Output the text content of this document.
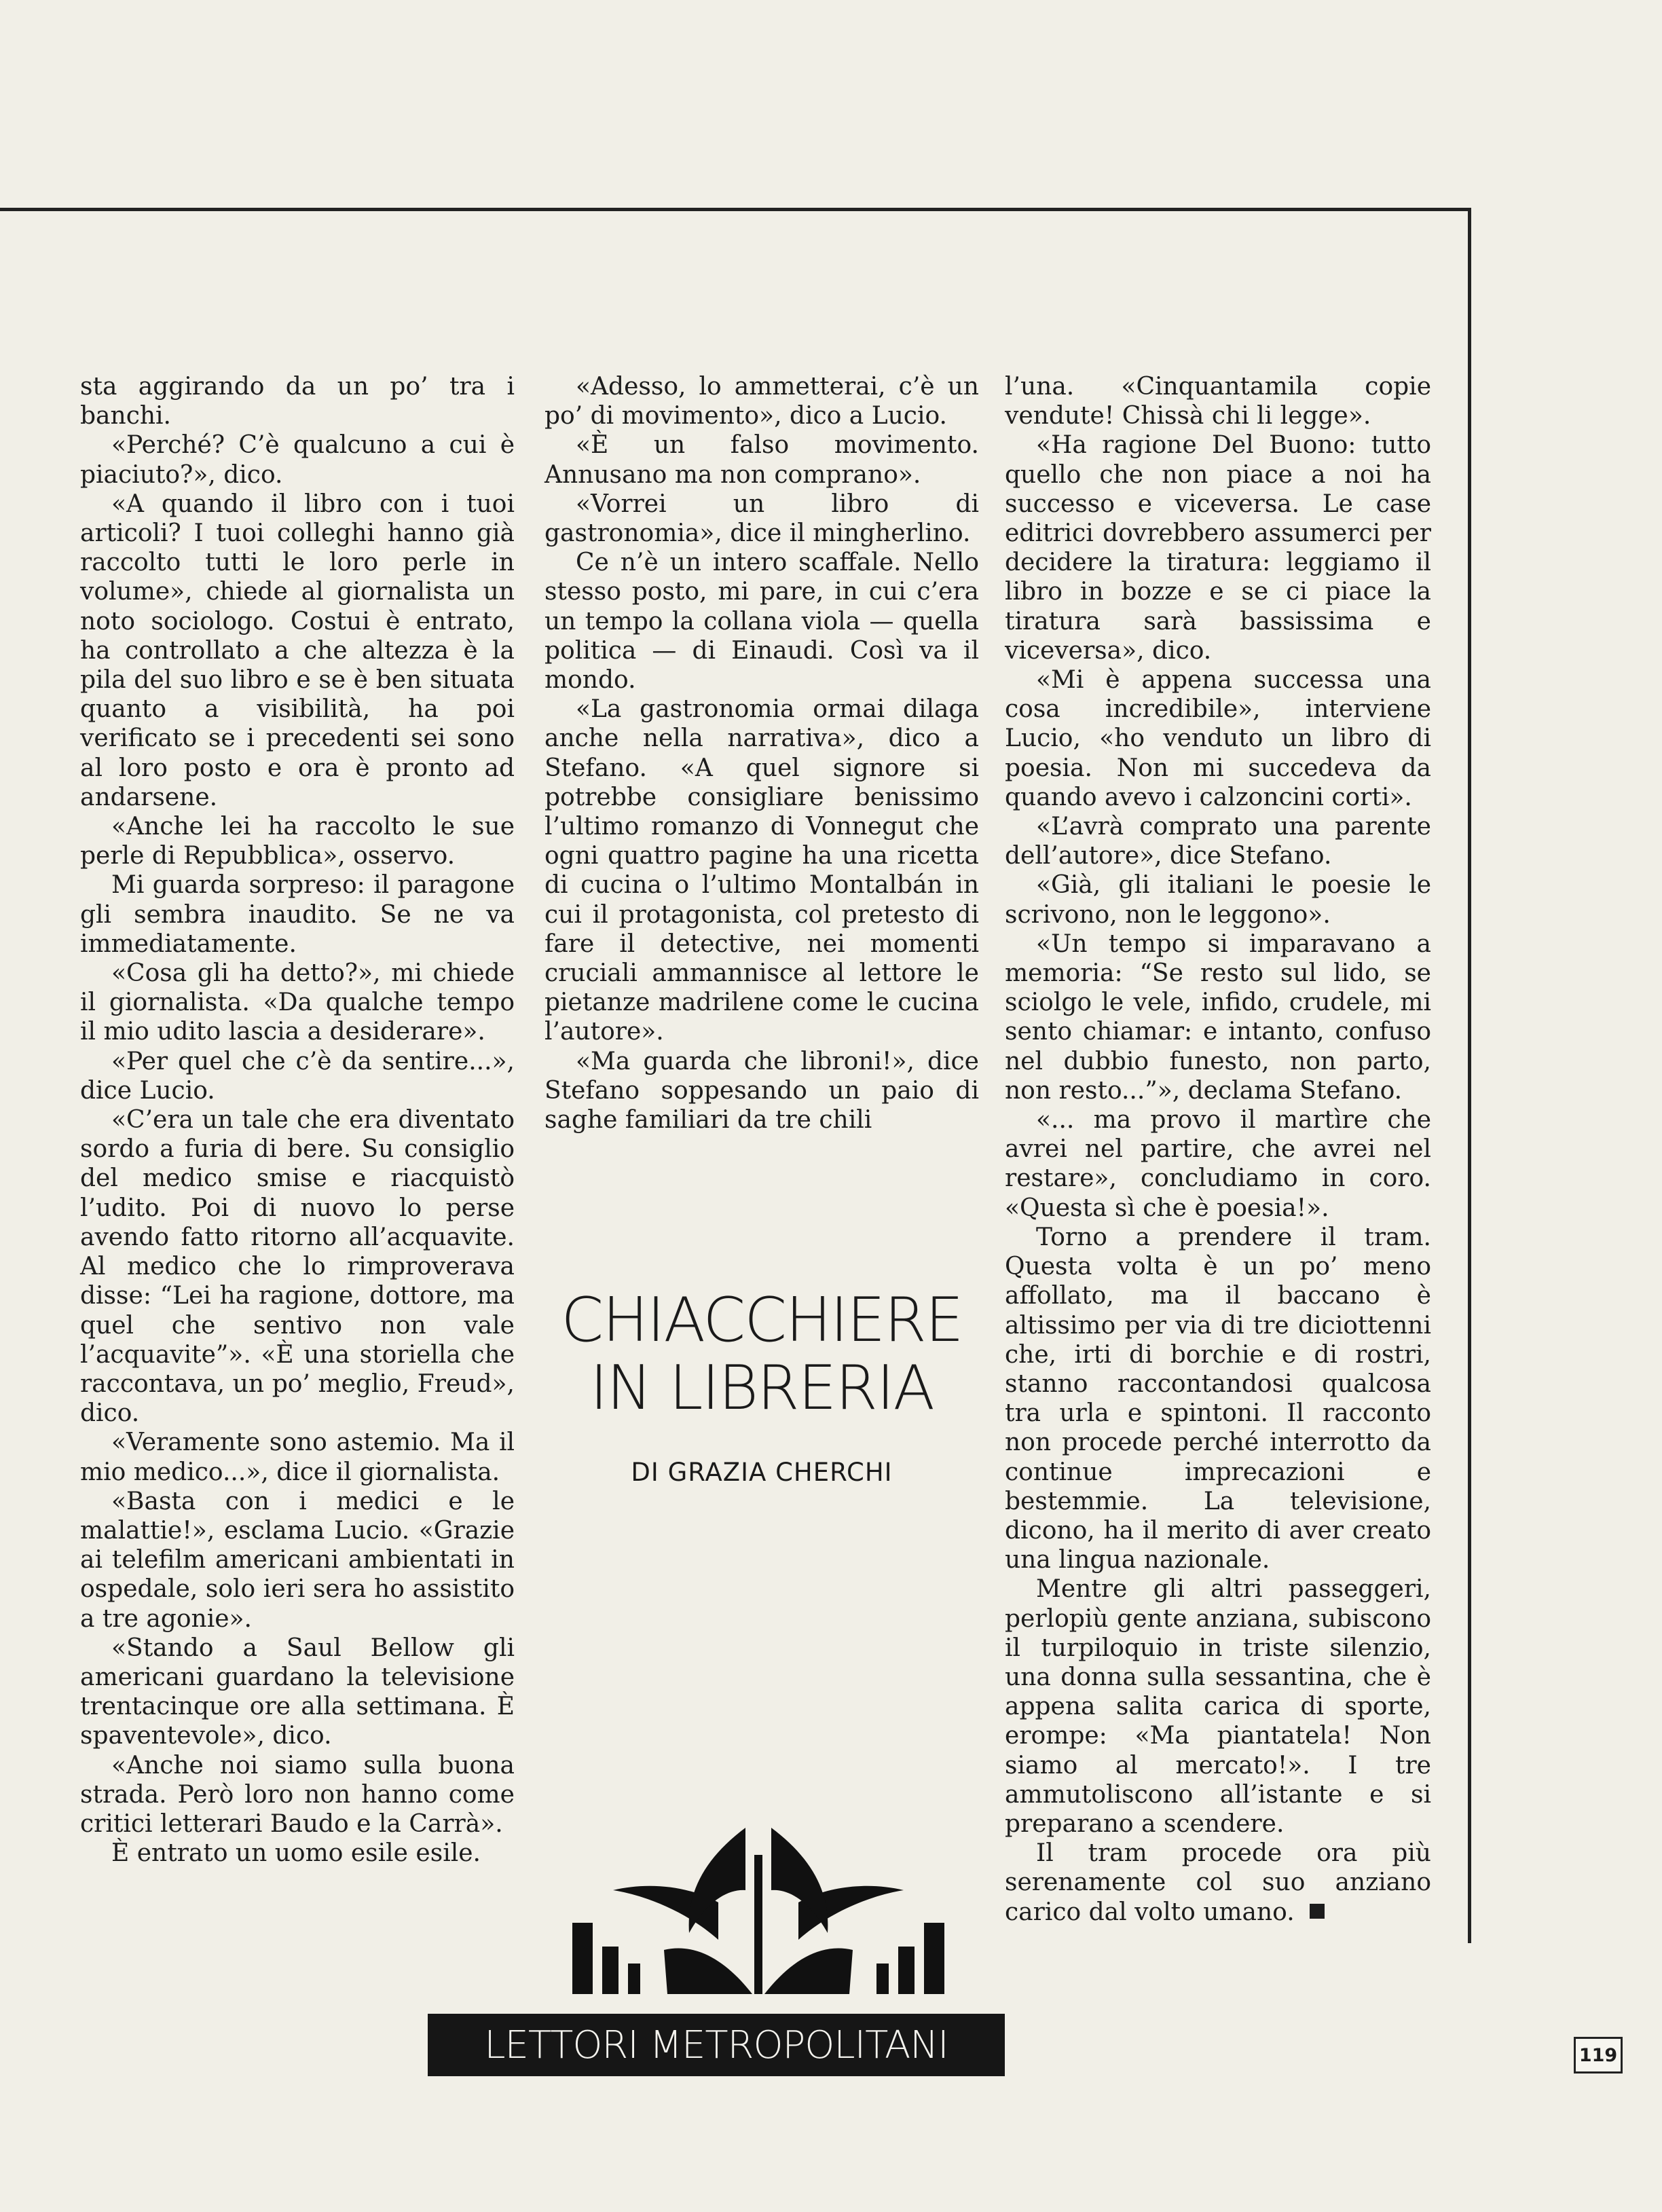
sta aggirando da un po’ tra i banchi.

«Perché? C’è qualcuno a cui è piaciuto?», dico.

«A quando il libro con i tuoi articoli? I tuoi colleghi hanno già raccolto tutti le loro perle in volume», chiede al giornalista un noto sociologo. Costui è entrato, ha controllato a che altezza è la pila del suo libro e se è ben situata quanto a visibilità, ha poi verificato se i precedenti sei sono al loro posto e ora è pronto ad andarsene.

«Anche lei ha raccolto le sue perle di Repubblica», osservo.

Mi guarda sorpreso: il paragone gli sembra inaudito. Se ne va immediatamente.

«Cosa gli ha detto?», mi chiede il giornalista. «Da qualche tempo il mio udito lascia a desiderare».

«Per quel che c’è da sentire...», dice Lucio.

«C’era un tale che era diventato sordo a furia di bere. Su consiglio del medico smise e riacquistò l’udito. Poi di nuovo lo perse avendo fatto ritorno all’acquavite. Al medico che lo rimproverava disse: “Lei ha ragione, dottore, ma quel che sentivo non vale l’acquavite”». «È una storiella che raccontava, un po’ meglio, Freud», dico.

«Veramente sono astemio. Ma il mio medico...», dice il giornalista.

«Basta con i medici e le malattie!», esclama Lucio. «Grazie ai telefilm americani ambientati in ospedale, solo ieri sera ho assistito a tre agonie».

«Stando a Saul Bellow gli americani guardano la televisione trentacinque ore alla settimana. È spaventevole», dico.

«Anche noi siamo sulla buona strada. Però loro non hanno come critici letterari Baudo e la Carrà».

È entrato un uomo esile esile.

«Adesso, lo ammetterai, c’è un po’ di movimento», dico a Lucio.

«È un falso movimento. Annusano ma non comprano».

«Vorrei un libro di gastronomia», dice il mingherlino.

Ce n’è un intero scaffale. Nello stesso posto, mi pare, in cui c’era un tempo la collana viola — quella politica — di Einaudi. Così va il mondo.

«La gastronomia ormai dilaga anche nella narrativa», dico a Stefano. «A quel signore si potrebbe consigliare benissimo l’ultimo romanzo di Vonnegut che ogni quattro pagine ha una ricetta di cucina o l’ultimo Montalbán in cui il protagonista, col pretesto di fare il detective, nei momenti cruciali ammannisce al lettore le pietanze madrilene come le cucina l’autore».

«Ma guarda che libroni!», dice Stefano soppesando un paio di saghe familiari da tre chili

l’una. «Cinquantamila copie vendute! Chissà chi li legge».

«Ha ragione Del Buono: tutto quello che non piace a noi ha successo e viceversa. Le case editrici dovrebbero assumerci per decidere la tiratura: leggiamo il libro in bozze e se ci piace la tiratura sarà bassissima e viceversa», dico.

«Mi è appena successa una cosa incredibile», interviene Lucio, «ho venduto un libro di poesia. Non mi succedeva da quando avevo i calzoncini corti».

«L’avrà comprato una parente dell’autore», dice Stefano.

«Già, gli italiani le poesie le scrivono, non le leggono».

«Un tempo si imparavano a memoria: “Se resto sul lido, se sciolgo le vele, infido, crudele, mi sento chiamar: e intanto, confuso nel dubbio funesto, non parto, non resto...”», declama Stefano.

«... ma provo il martìre che avrei nel partire, che avrei nel restare», concludiamo in coro. «Questa sì che è poesia!».

Torno a prendere il tram. Questa volta è un po’ meno affollato, ma il baccano è altissimo per via di tre diciottenni che, irti di borchie e di rostri, stanno raccontandosi qualcosa tra urla e spintoni. Il racconto non procede perché interrotto da continue imprecazioni e bestemmie. La televisione, dicono, ha il merito di aver creato una lingua nazionale.

Mentre gli altri passeggeri, perlopiù gente anziana, subiscono il turpiloquio in triste silenzio, una donna sulla sessantina, che è appena salita carica di sporte, erompe: «Ma piantatela! Non siamo al mercato!». I tre ammutoliscono all’istante e si preparano a scendere.

Il tram procede ora più serenamente col suo anziano carico dal volto umano.

CHIACCHIERE
IN LIBRERIA
DI GRAZIA CHERCHI
LETTORI METROPOLITANI	119
